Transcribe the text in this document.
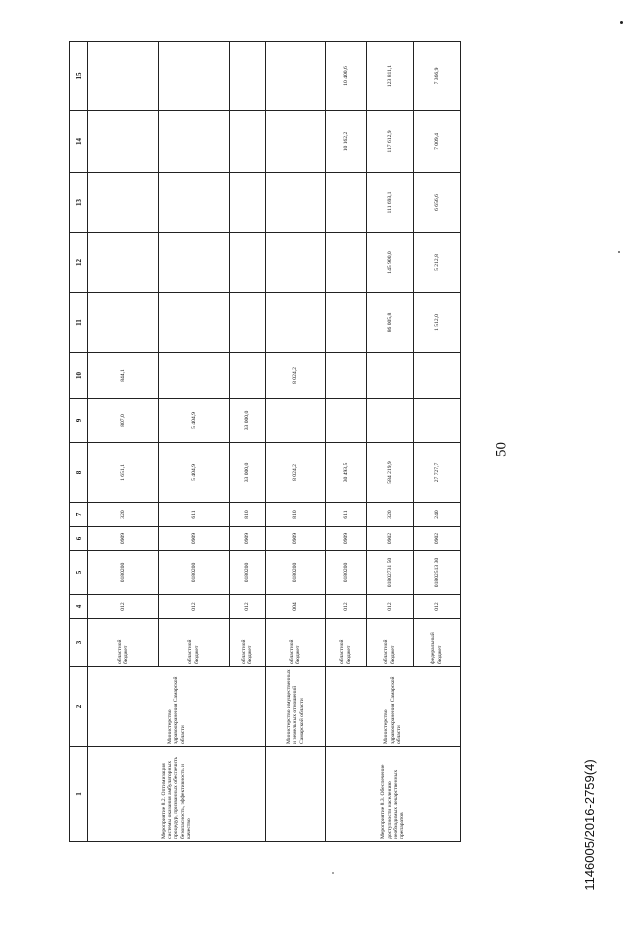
50
1	2	3	4	5	6	7	8	9	10	11	12	13	14	15
Мероприятие 8.2. Оптимизация системы оказания амбулаторных процедур, призванных обеспечить безопасность, эффективность и качество	Министерство здравоохранения Самарской области	областной бюджет	012	0180200	0909	320	1 651,1	807,0	844,1					
		областной бюджет	012	0180200	0909	611	5 404,9	5 404,9						
		областной бюджет	012	0180200	0909	810	33 000,0	33 000,0						
	Министерство имущественных и земельных отношений Самарской области	областной бюджет	004	0180200	0909	810	8 024,2		8 024,2					
Мероприятие 8.3. Обеспечение доступности населению необходимых лекарственных препаратов	Министерство здравоохранения Самарской области	областной бюджет	012	0180200	0909	611	30 493,5						10 162,2	10 400,6
		областной бюджет	012	01802731 50	0902	320	584 219,9			86 005,8	145 900,0	111 693,1	117 612,9	123 811,1
		федеральный бюджет	012	01802513 30	0902	240	27 727,7			1 512,0	5 212,8	6 656,6	7 009,4	7 366,9
1146005/2016-2759(4)
